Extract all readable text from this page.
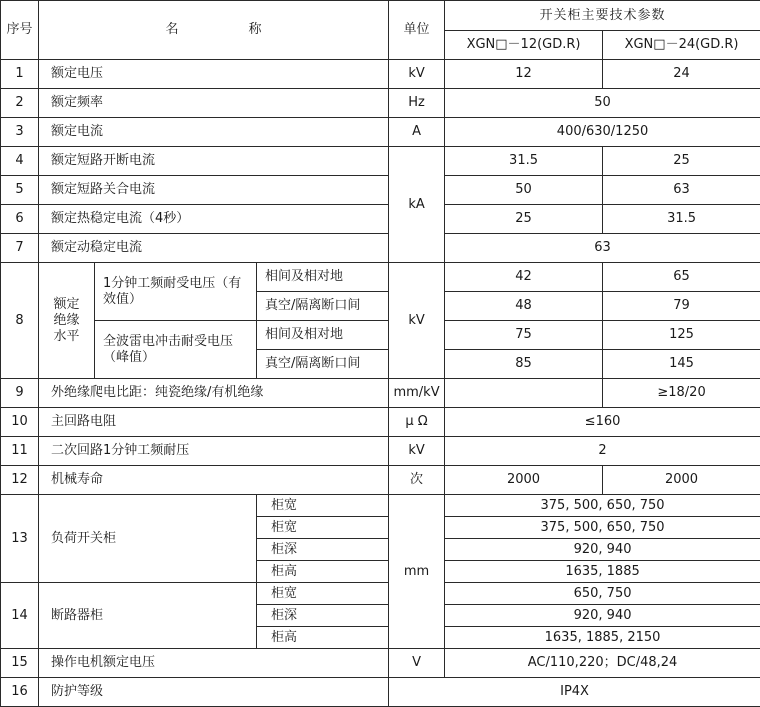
序号	名 称			单位	开关柜主要技术参数	
					XGN□－12(GD.R)	XGN□－24(GD.R)
1	额定电压			kV	12	24
2	额定频率			Hz	50	
3	额定电流			A	400/630/1250	
4	额定短路开断电流			kA	31.5	25
5	额定短路关合电流				50	63
6	额定热稳定电流（4秒）				25	31.5
7	额定动稳定电流				63	
8	额定绝缘水平	1分钟工频耐受电压（有效值）	相间及相对地	kV	42	65
			真空/隔离断口间		48	79
		全波雷电冲击耐受电压（峰值）	相间及相对地		75	125
			真空/隔离断口间		85	145
9	外绝缘爬电比距：纯瓷绝缘/有机绝缘			mm/kV		≥18/20
10	主回路电阻			μ Ω	≤160	
11	二次回路1分钟工频耐压			kV	2	
12	机械寿命			次	2000	2000
13	负荷开关柜		柜宽	mm	375, 500, 650, 750	
			柜宽		375, 500, 650, 750	
			柜深		920, 940	
			柜高		1635, 1885	
14	断路器柜		柜宽		650, 750	
			柜深		920, 940	
			柜高		1635, 1885, 2150	
15	操作电机额定电压			V	AC/110,220；DC/48,24	
16	防护等级			IP4X		
